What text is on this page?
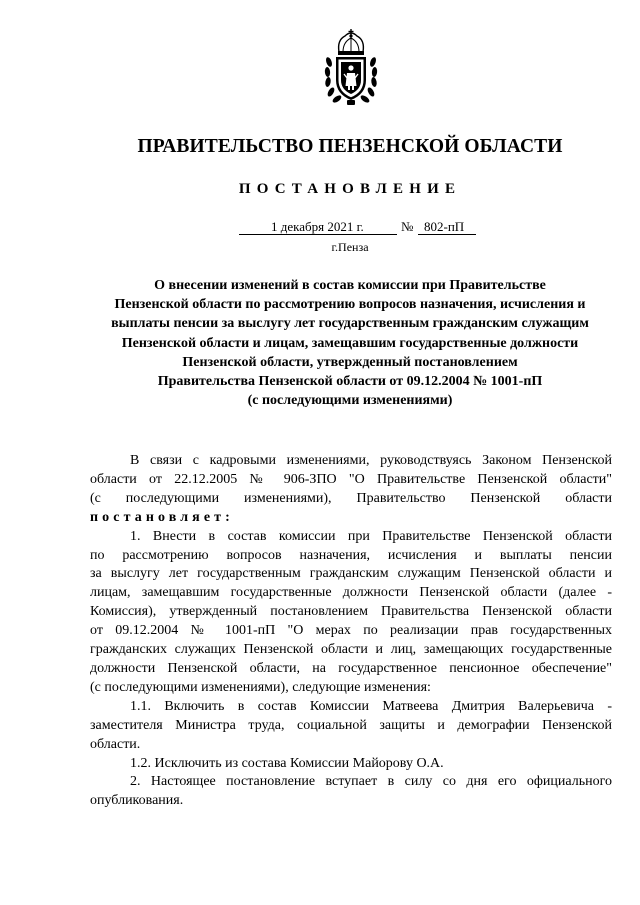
ПРАВИТЕЛЬСТВО ПЕНЗЕНСКОЙ ОБЛАСТИ
ПОСТАНОВЛЕНИЕ
1 декабря 2021 г.	№ 802-пП
г.Пенза
О внесении изменений в состав комиссии при Правительстве
Пензенской области по рассмотрению вопросов назначения, исчисления и
выплаты пенсии за выслугу лет государственным гражданским служащим
Пензенской области и лицам, замещавшим государственные должности
Пензенской области, утвержденный постановлением
Правительства Пензенской области от 09.12.2004 № 1001-пП
(с последующими изменениями)

В связи с кадровыми изменениями, руководствуясь Законом Пензенской
области от 22.12.2005 № 906-ЗПО "О Правительстве Пензенской области"
(с последующими изменениями), Правительство Пензенской области
постановляет:

1. Внести в состав комиссии при Правительстве Пензенской области
по рассмотрению вопросов назначения, исчисления и выплаты пенсии
за выслугу лет государственным гражданским служащим Пензенской области и
лицам, замещавшим государственные должности Пензенской области (далее -
Комиссия), утвержденный постановлением Правительства Пензенской области
от 09.12.2004 № 1001-пП "О мерах по реализации прав государственных
гражданских служащих Пензенской области и лиц, замещающих государственные
должности Пензенской области, на государственное пенсионное обеспечение"
(с последующими изменениями), следующие изменения:

1.1. Включить в состав Комиссии Матвеева Дмитрия Валерьевича -
заместителя Министра труда, социальной защиты и демографии Пензенской
области.

1.2. Исключить из состава Комиссии Майорову О.А.

2. Настоящее постановление вступает в силу со дня его официального
опубликования.
